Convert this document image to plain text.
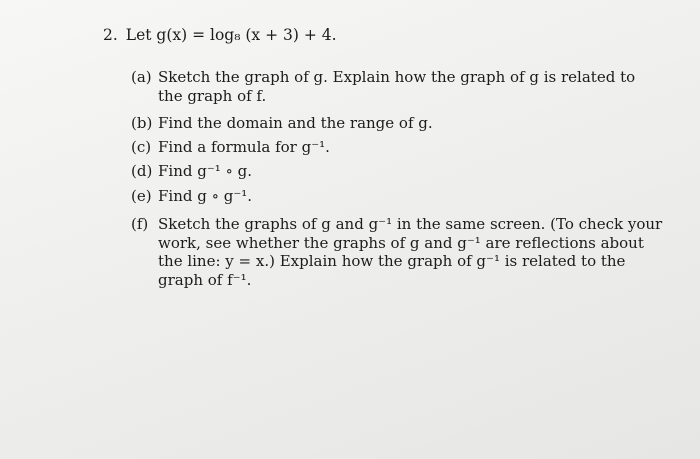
2. Let g(x) = log₈ (x + 3) + 4.
(a) Sketch the graph of g. Explain how the graph of g is related to
the graph of f.
(b) Find the domain and the range of g.
(c) Find a formula for g⁻¹.
(d) Find g⁻¹ ∘ g.
(e) Find g ∘ g⁻¹.
(f) Sketch the graphs of g and g⁻¹ in the same screen. (To check your
work, see whether the graphs of g and g⁻¹ are reflections about
the line: y = x.) Explain how the graph of g⁻¹ is related to the
graph of f⁻¹.
